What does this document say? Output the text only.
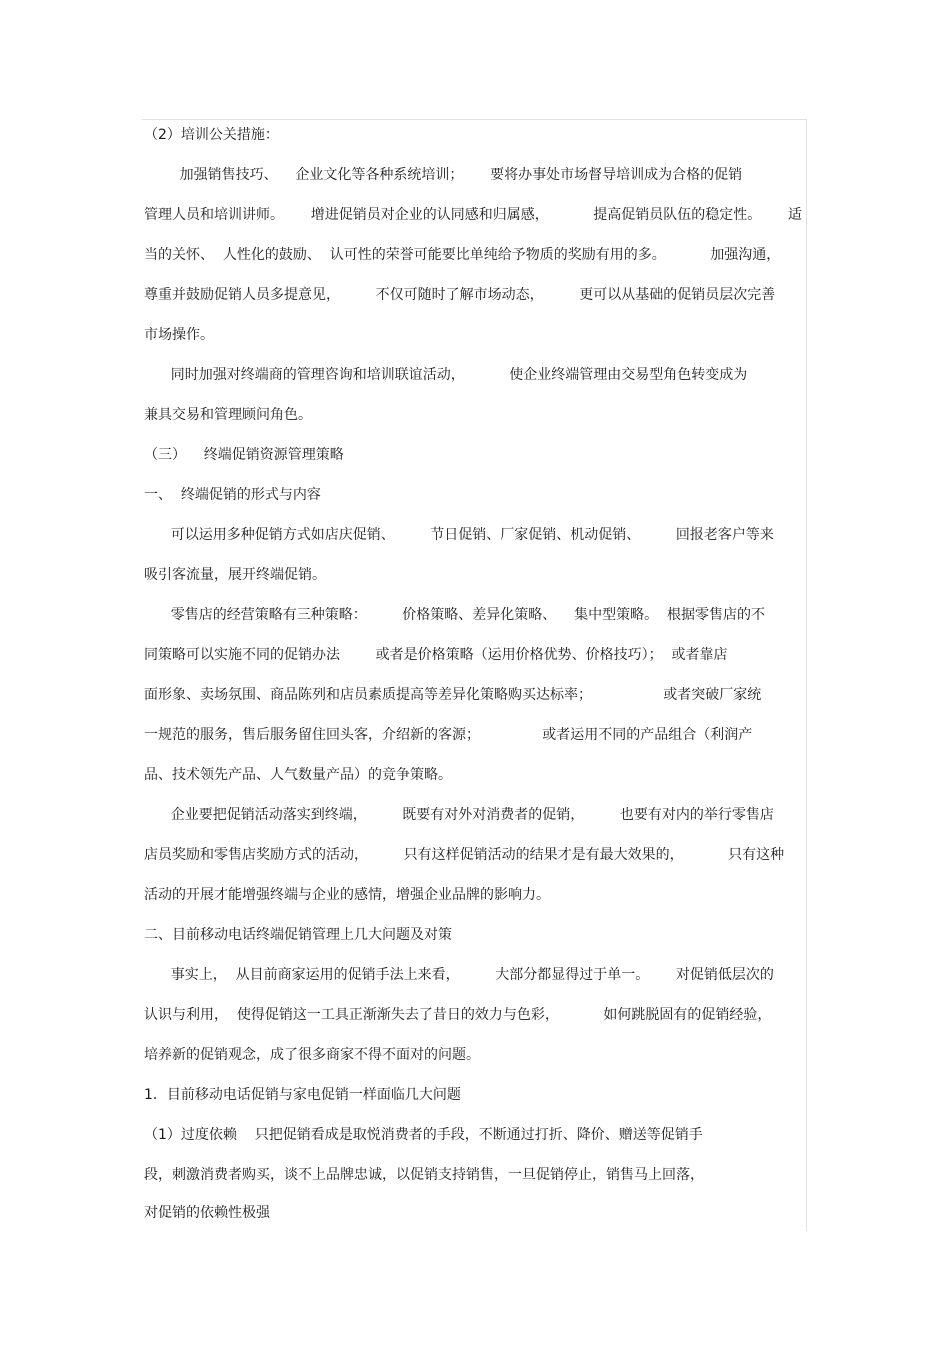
（2）培训公关措施：
加强销售技巧、    企业文化等各种系统培训；      要将办事处市场督导培训成为合格的促销
管理人员和培训讲师。      增进促销员对企业的认同感和归属感，          提高促销员队伍的稳定性。      适
当的关怀、  人性化的鼓励、  认可性的荣誉可能要比单纯给予物质的奖励有用的多。          加强沟通，
尊重并鼓励促销人员多提意见，        不仅可随时了解市场动态，        更可以从基础的促销员层次完善
市场操作。
同时加强对终端商的管理咨询和培训联谊活动，          使企业终端管理由交易型角色转变成为
兼具交易和管理顾问角色。
（三）    终端促销资源管理策略
一、  终端促销的形式与内容
可以运用多种促销方式如店庆促销、        节日促销、厂家促销、机动促销、        回报老客户等来
吸引客流量，展开终端促销。
零售店的经营策略有三种策略：        价格策略、差异化策略、    集中型策略。  根据零售店的不
同策略可以实施不同的促销办法        或者是价格策略（运用价格优势、价格技巧）；  或者靠店
面形象、卖场氛围、商品陈列和店员素质提高等差异化策略购买达标率；                或者突破厂家统
一规范的服务，售后服务留住回头客，介绍新的客源；              或者运用不同的产品组合（利润产
品、技术领先产品、人气数量产品）的竞争策略。
企业要把促销活动落实到终端，        既要有对外对消费者的促销，        也要有对内的举行零售店
店员奖励和零售店奖励方式的活动，        只有这样促销活动的结果才是有最大效果的，          只有这种
活动的开展才能增强终端与企业的感情，增强企业品牌的影响力。
二、目前移动电话终端促销管理上几大问题及对策
事实上，  从目前商家运用的促销手法上来看，        大部分都显得过于单一。      对促销低层次的
认识与利用，  使得促销这一工具正渐渐失去了昔日的效力与色彩，          如何跳脱固有的促销经验，
培养新的促销观念，成了很多商家不得不面对的问题。
1．目前移动电话促销与家电促销一样面临几大问题
（1）过度依赖    只把促销看成是取悦消费者的手段，不断通过打折、降价、赠送等促销手
段，刺激消费者购买，谈不上品牌忠诚，以促销支持销售，一旦促销停止，销售马上回落，
对促销的依赖性极强
